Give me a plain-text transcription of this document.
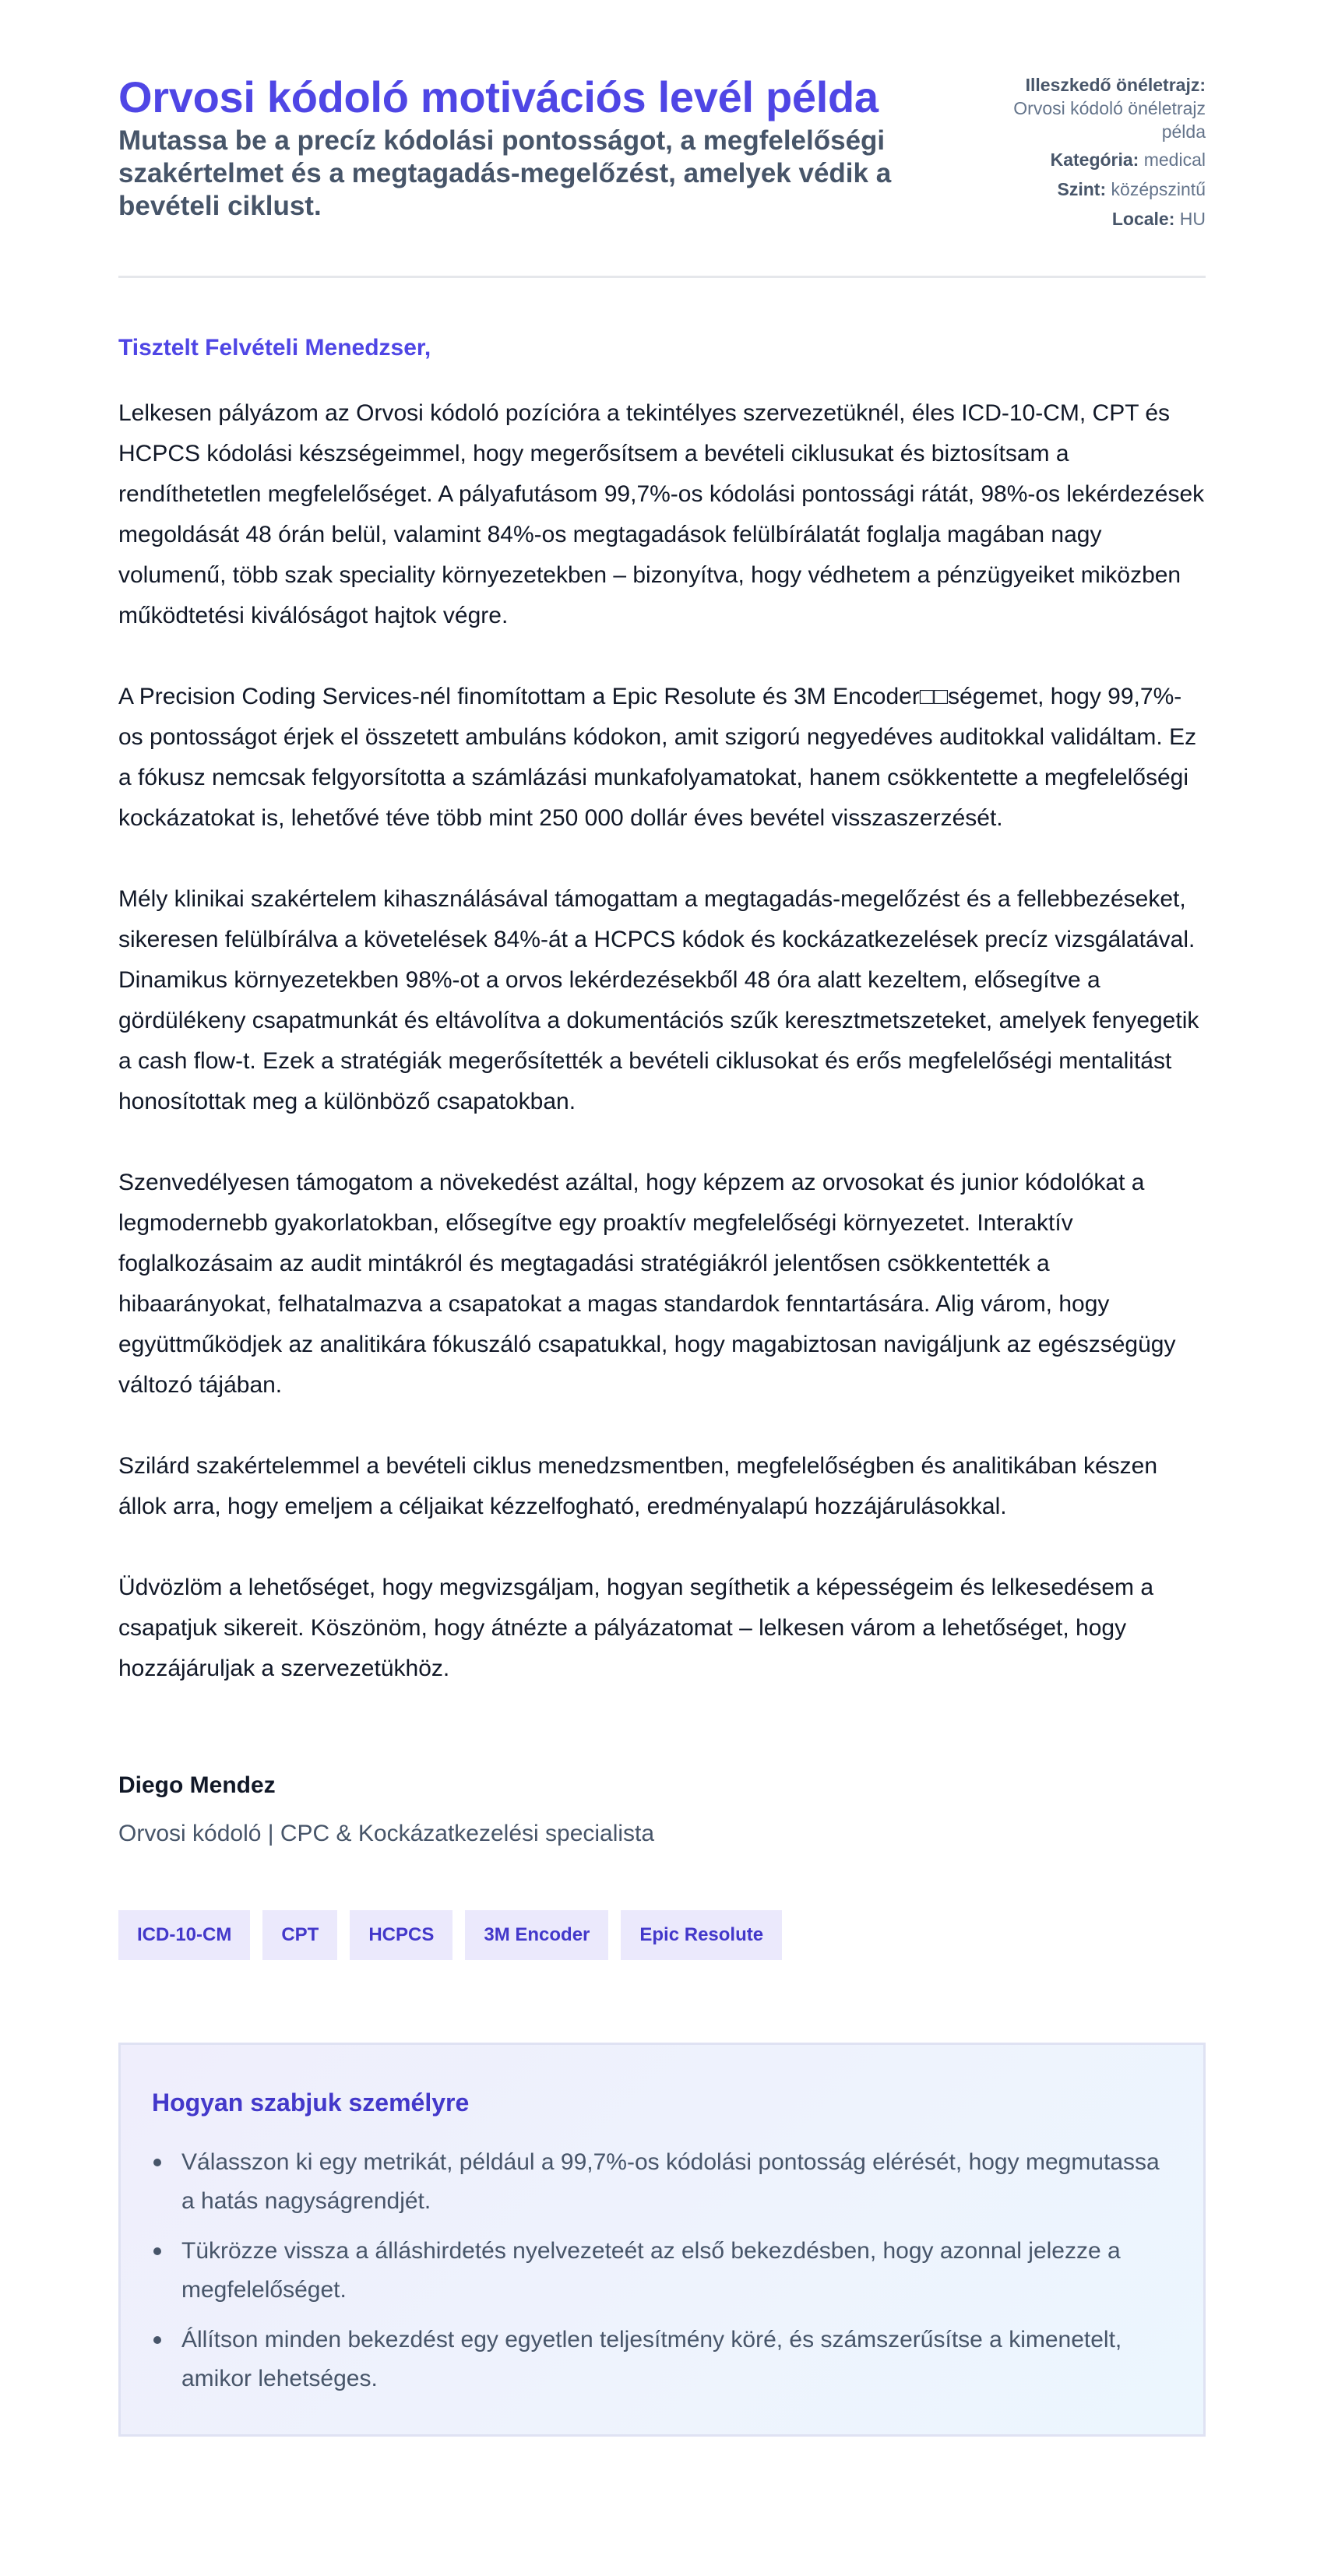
Orvosi kódoló motivációs levél példa

Mutassa be a precíz kódolási pontosságot, a megfelelőségi szakértelmet és a megtagadás-megelőzést, amelyek védik a bevételi ciklust.

Illeszkedő önéletrajz: Orvosi kódoló önéletrajz példa
Kategória: medical
Szint: középszintű
Locale: HU

Tisztelt Felvételi Menedzser,

Lelkesen pályázom az Orvosi kódoló pozícióra a tekintélyes szervezetüknél, éles ICD-10-CM, CPT és HCPCS kódolási készségeimmel, hogy megerősítsem a bevételi ciklusukat és biztosítsam a rendíthetetlen megfelelőséget. A pályafutásom 99,7%-os kódolási pontossági rátát, 98%-os lekérdezések megoldását 48 órán belül, valamint 84%-os megtagadások felülbírálatát foglalja magában nagy volumenű, több szak speciality környezetekben – bizonyítva, hogy védhetem a pénzügyeiket miközben működtetési kiválóságot hajtok végre.

A Precision Coding Services-nél finomítottam a Epic Resolute és 3M Encoder□□ségemet, hogy 99,7%-os pontosságot érjek el összetett ambuláns kódokon, amit szigorú negyedéves auditokkal validáltam. Ez a fókusz nemcsak felgyorsította a számlázási munkafolyamatokat, hanem csökkentette a megfelelőségi kockázatokat is, lehetővé téve több mint 250 000 dollár éves bevétel visszaszerzését.

Mély klinikai szakértelem kihasználásával támogattam a megtagadás-megelőzést és a fellebbezéseket, sikeresen felülbírálva a követelések 84%-át a HCPCS kódok és kockázatkezelések precíz vizsgálatával. Dinamikus környezetekben 98%-ot a orvos lekérdezésekből 48 óra alatt kezeltem, elősegítve a gördülékeny csapatmunkát és eltávolítva a dokumentációs szűk keresztmetszeteket, amelyek fenyegetik a cash flow-t. Ezek a stratégiák megerősítették a bevételi ciklusokat és erős megfelelőségi mentalitást honosítottak meg a különböző csapatokban.

Szenvedélyesen támogatom a növekedést azáltal, hogy képzem az orvosokat és junior kódolókat a legmodernebb gyakorlatokban, elősegítve egy proaktív megfelelőségi környezetet. Interaktív foglalkozásaim az audit mintákról és megtagadási stratégiákról jelentősen csökkentették a hibaarányokat, felhatalmazva a csapatokat a magas standardok fenntartására. Alig várom, hogy együttműködjek az analitikára fókuszáló csapatukkal, hogy magabiztosan navigáljunk az egészségügy változó tájában.

Szilárd szakértelemmel a bevételi ciklus menedzsmentben, megfelelőségben és analitikában készen állok arra, hogy emeljem a céljaikat kézzelfogható, eredményalapú hozzájárulásokkal.

Üdvözlöm a lehetőséget, hogy megvizsgáljam, hogyan segíthetik a képességeim és lelkesedésem a csapatjuk sikereit. Köszönöm, hogy átnézte a pályázatomat – lelkesen várom a lehetőséget, hogy hozzájáruljak a szervezetükhöz.

Diego Mendez

Orvosi kódoló | CPC & Kockázatkezelési specialista

ICD-10-CM	CPT	HCPCS	3M Encoder	Epic Resolute
Hogyan szabjuk személyre
Válasszon ki egy metrikát, például a 99,7%-os kódolási pontosság elérését, hogy megmutassa a hatás nagyságrendjét.
Tükrözze vissza a álláshirdetés nyelvezeteét az első bekezdésben, hogy azonnal jelezze a megfelelőséget.
Állítson minden bekezdést egy egyetlen teljesítmény köré, és számszerűsítse a kimenetelt, amikor lehetséges.
